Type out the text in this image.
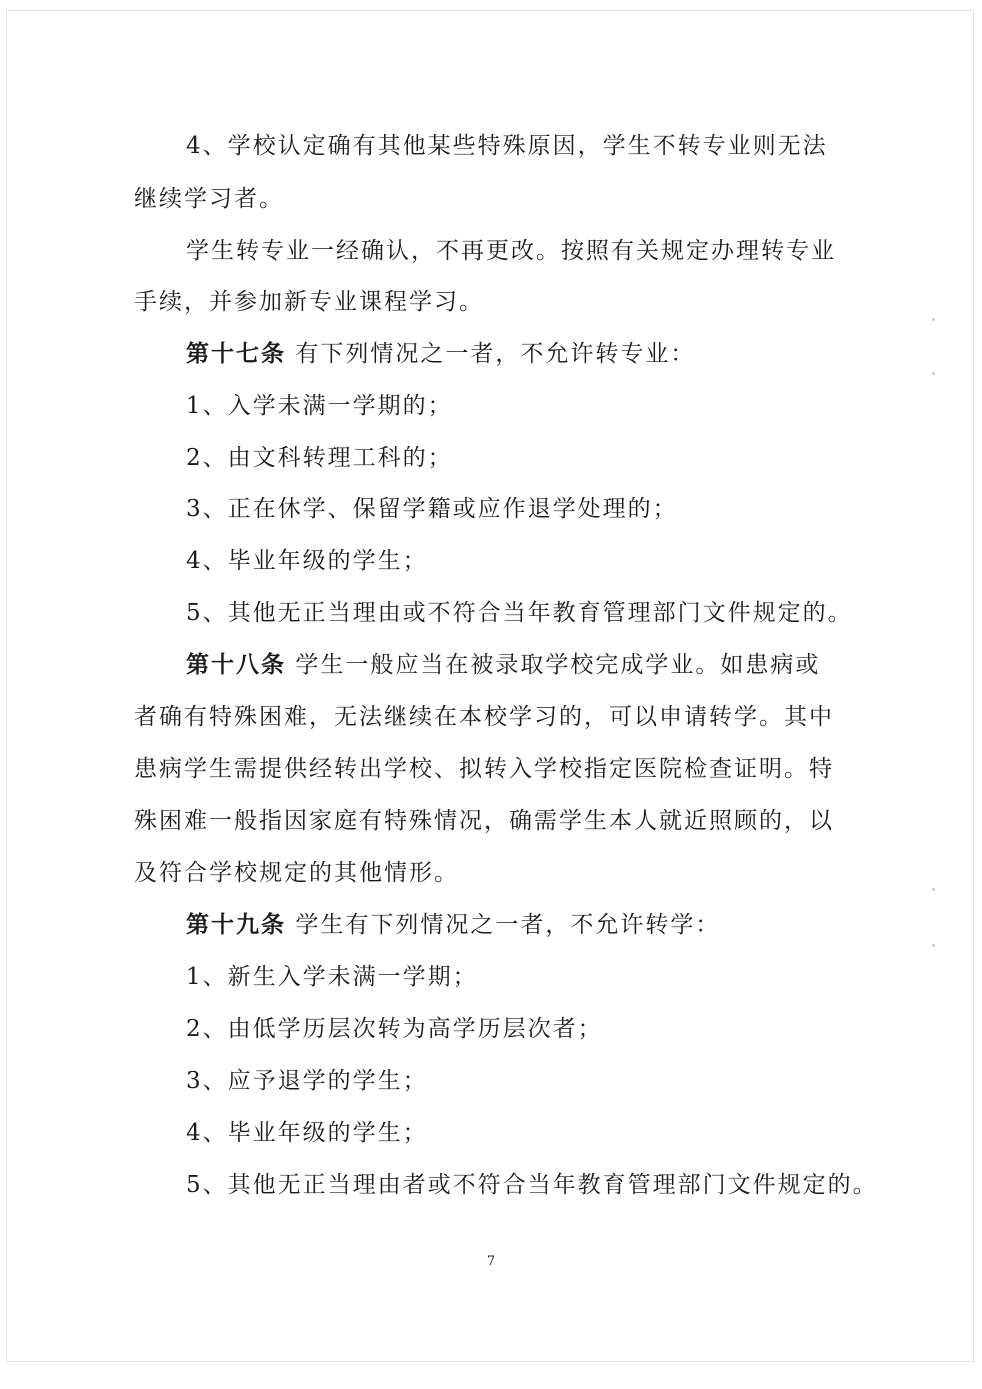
4、学校认定确有其他某些特殊原因，学生不转专业则无法
继续学习者。
学生转专业一经确认，不再更改。按照有关规定办理转专业
手续，并参加新专业课程学习。
第十七条 有下列情况之一者，不允许转专业：
1、入学未满一学期的；
2、由文科转理工科的；
3、正在休学、保留学籍或应作退学处理的；
4、毕业年级的学生；
5、其他无正当理由或不符合当年教育管理部门文件规定的。
第十八条 学生一般应当在被录取学校完成学业。如患病或
者确有特殊困难，无法继续在本校学习的，可以申请转学。其中
患病学生需提供经转出学校、拟转入学校指定医院检查证明。特
殊困难一般指因家庭有特殊情况，确需学生本人就近照顾的，以
及符合学校规定的其他情形。
第十九条 学生有下列情况之一者，不允许转学：
1、新生入学未满一学期；
2、由低学历层次转为高学历层次者；
3、应予退学的学生；
4、毕业年级的学生；
5、其他无正当理由者或不符合当年教育管理部门文件规定的。
7
